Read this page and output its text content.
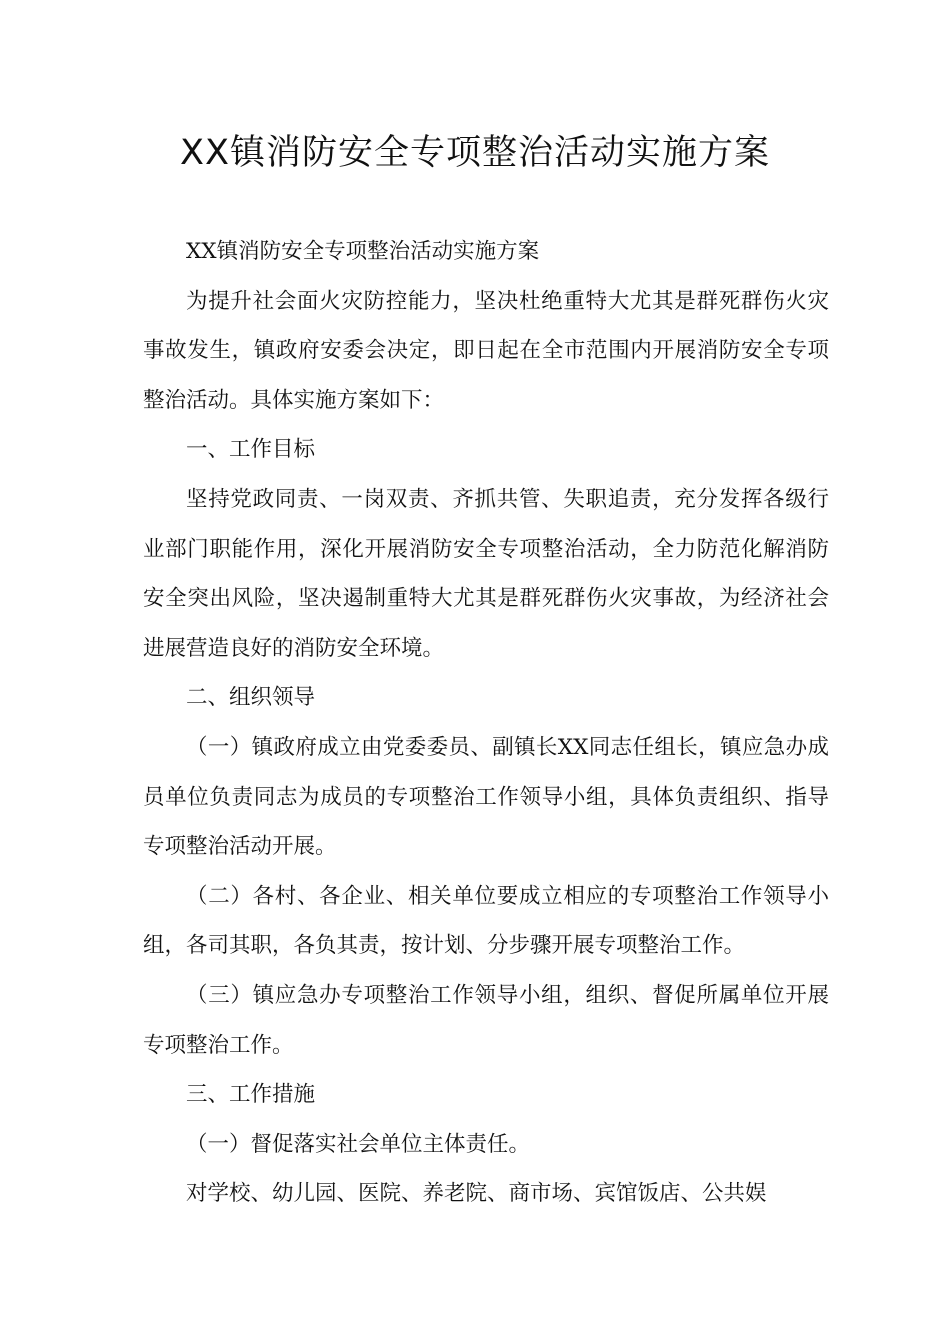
XX镇消防安全专项整治活动实施方案

XX镇消防安全专项整治活动实施方案

为提升社会面火灾防控能力，坚决杜绝重特大尤其是群死群伤火灾事故发生，镇政府安委会决定，即日起在全市范围内开展消防安全专项整治活动。具体实施方案如下：

一、工作目标

坚持党政同责、一岗双责、齐抓共管、失职追责，充分发挥各级行业部门职能作用，深化开展消防安全专项整治活动，全力防范化解消防安全突出风险，坚决遏制重特大尤其是群死群伤火灾事故，为经济社会进展营造良好的消防安全环境。

二、组织领导

（一）镇政府成立由党委委员、副镇长XX同志任组长，镇应急办成员单位负责同志为成员的专项整治工作领导小组，具体负责组织、指导专项整治活动开展。

（二）各村、各企业、相关单位要成立相应的专项整治工作领导小组，各司其职，各负其责，按计划、分步骤开展专项整治工作。

（三）镇应急办专项整治工作领导小组，组织、督促所属单位开展专项整治工作。

三、工作措施

（一）督促落实社会单位主体责任。

对学校、幼儿园、医院、养老院、商市场、宾馆饭店、公共娱
